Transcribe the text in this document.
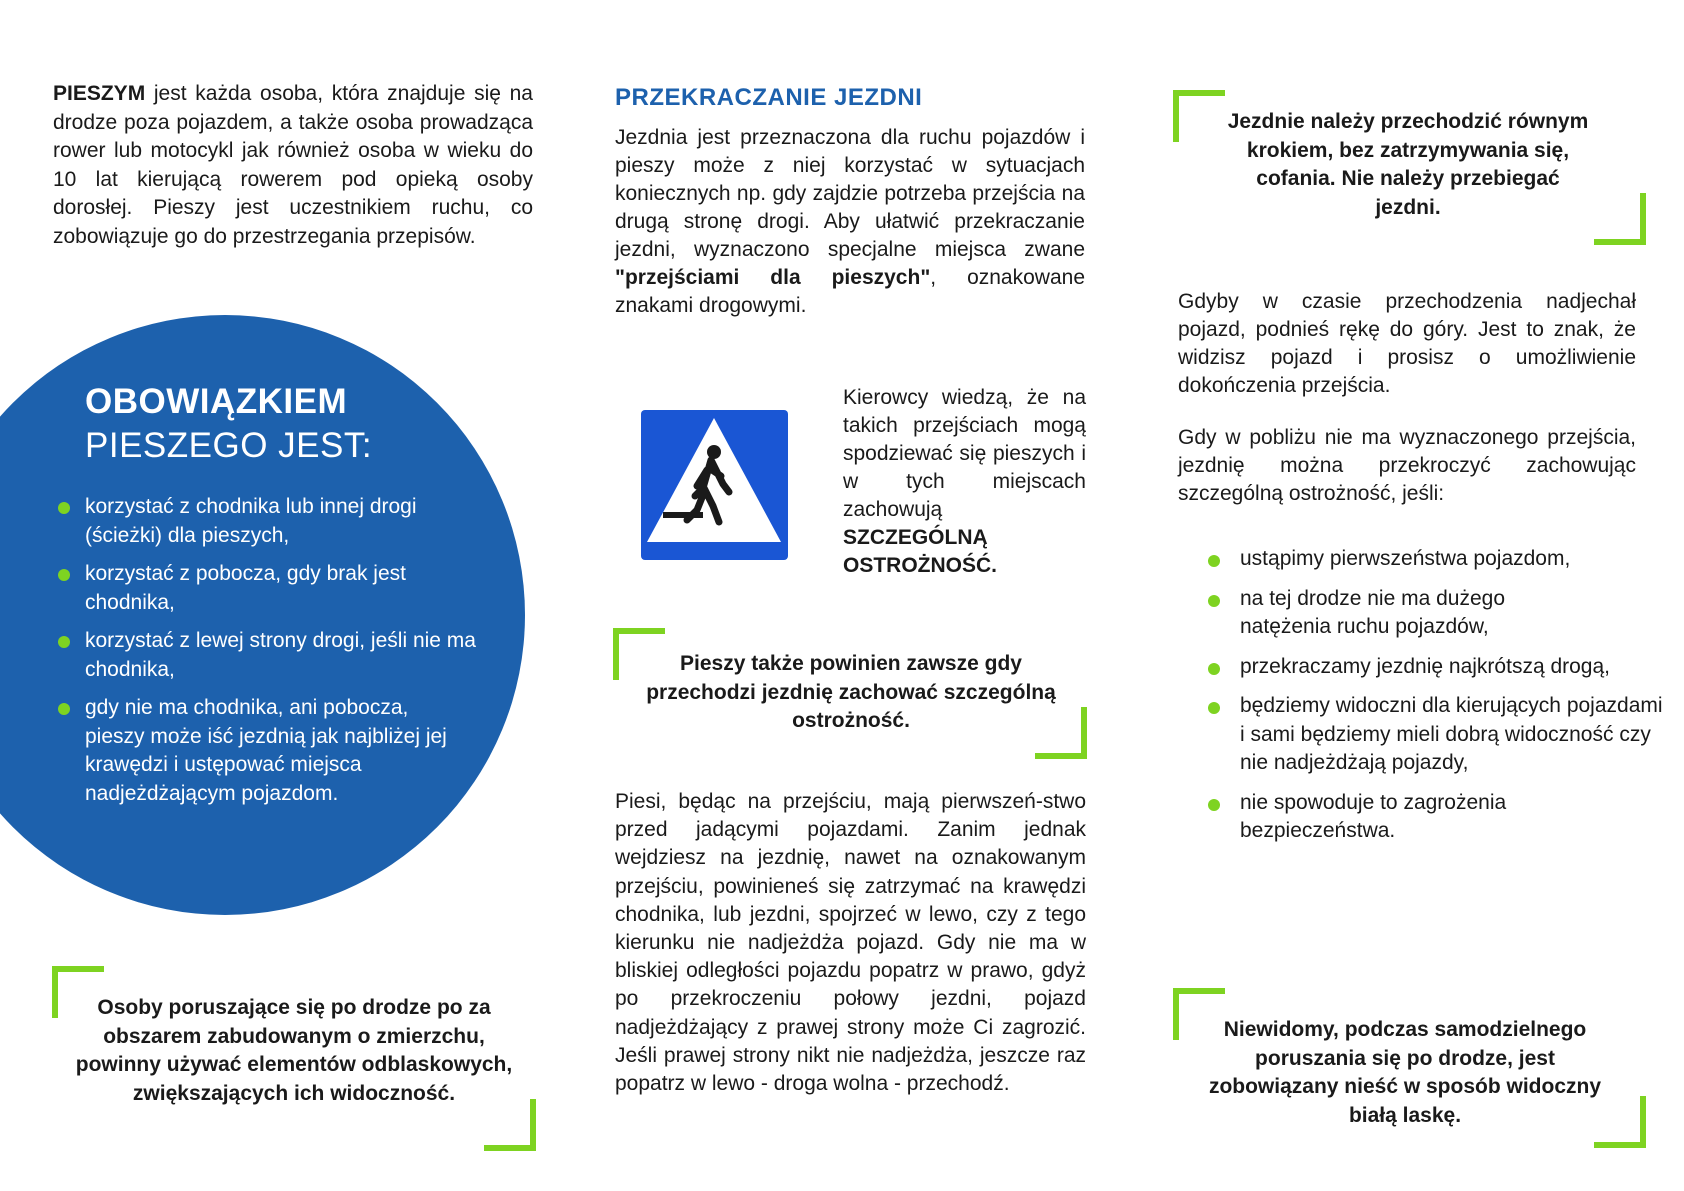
PIESZYM jest każda osoba, która znajduje się na drodze poza pojazdem, a także osoba prowadząca rower lub motocykl jak również osoba w wieku do 10 lat kierującą rowerem pod opieką osoby dorosłej. Pieszy jest uczestnikiem ruchu, co zobowiązuje go do przestrzegania przepisów.

OBOWIĄZKIEM
PIESZEGO JEST:
korzystać z chodnika lub innej drogi (ścieżki) dla pieszych,
korzystać z pobocza, gdy brak jest chodnika,
korzystać z lewej strony drogi, jeśli nie ma chodnika,
gdy nie ma chodnika, ani pobocza, pieszy może iść jezdnią jak najbliżej jej krawędzi i ustępować miejsca nadjeżdżającym pojazdom.
Osoby poruszające się po drodze po za obszarem zabudowanym o zmierzchu, powinny używać elementów odblaskowych, zwiększających ich widoczność.
PRZEKRACZANIE JEZDNI

Jezdnia jest przeznaczona dla ruchu pojazdów i pieszy może z niej korzystać w sytuacjach koniecznych np. gdy zajdzie potrzeba przejścia na drugą stronę drogi. Aby ułatwić przekraczanie jezdni, wyznaczono specjalne miejsca zwane "przejściami dla pieszych", oznakowane znakami drogowymi.

Kierowcy wiedzą, że na takich przejściach mogą spodziewać się pieszych i w tych miejscach zachowują SZCZEGÓLNĄ OSTROŻNOŚĆ.

Pieszy także powinien zawsze gdy przechodzi jezdnię zachować szczególną ostrożność.

Piesi, będąc na przejściu, mają pierwszeń-stwo przed jadącymi pojazdami. Zanim jednak wejdziesz na jezdnię, nawet na oznakowanym przejściu, powinieneś się zatrzymać na krawędzi chodnika, lub jezdni, spojrzeć w lewo, czy z tego kierunku nie nadjeżdża pojazd. Gdy nie ma w bliskiej odległości pojazdu popatrz w prawo, gdyż po przekroczeniu połowy jezdni, pojazd nadjeżdżający z prawej strony może Ci zagrozić. Jeśli prawej strony nikt nie nadjeżdża, jeszcze raz popatrz w lewo - droga wolna - przechodź.

Jezdnie należy przechodzić równym krokiem, bez zatrzymywania się, cofania. Nie należy przebiegać jezdni.

Gdyby w czasie przechodzenia nadjechał pojazd, podnieś rękę do góry. Jest to znak, że widzisz pojazd i prosisz o umożliwienie dokończenia przejścia.

Gdy w pobliżu nie ma wyznaczonego przejścia, jezdnię można przekroczyć zachowując szczególną ostrożność, jeśli:

ustąpimy pierwszeństwa pojazdom,
na tej drodze nie ma dużego natężenia ruchu pojazdów,
przekraczamy jezdnię najkrótszą drogą,
będziemy widoczni dla kierujących pojazdami i sami będziemy mieli dobrą widoczność czy nie nadjeżdżają pojazdy,
nie spowoduje to zagrożenia bezpieczeństwa.
Niewidomy, podczas samodzielnego poruszania się po drodze, jest zobowiązany nieść w sposób widoczny białą laskę.
